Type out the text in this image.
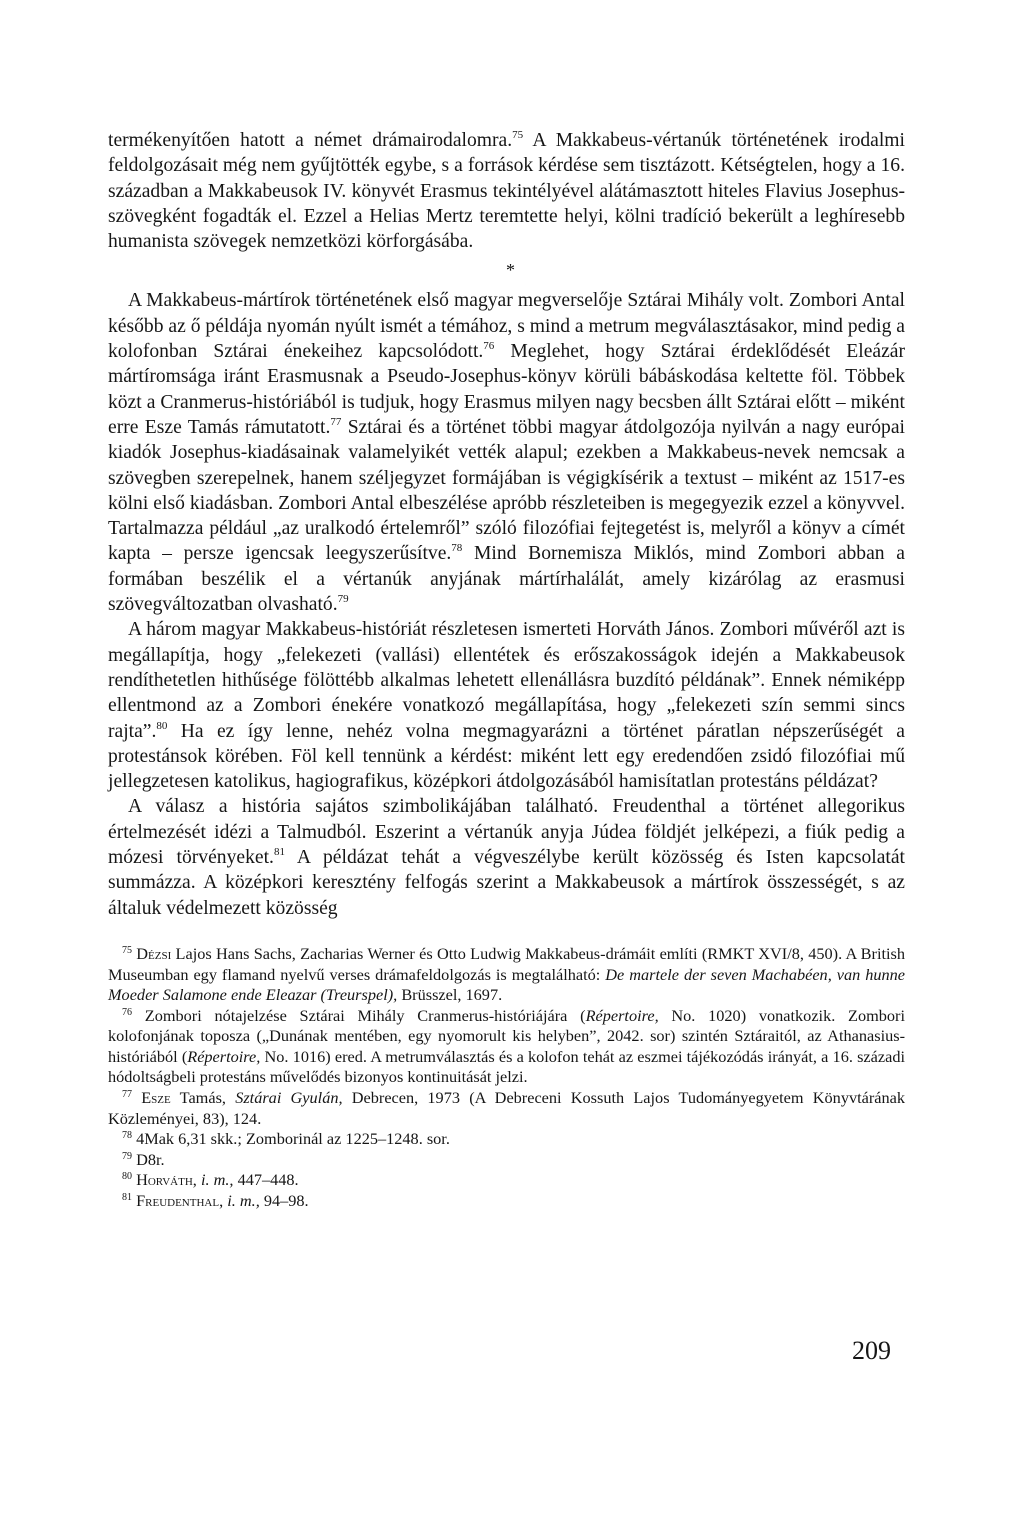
termékenyítően hatott a német drámairodalomra.$^{75}$ A Makkabeus-vértanúk történetének irodalmi feldolgozásait még nem gyűjtötték egybe, s a források kérdése sem tisztázott. Kétségtelen, hogy a 16. században a Makkabeusok IV. könyvét Erasmus tekintélyével alátámasztott hiteles Flavius Josephus-szövegként fogadták el. Ezzel a Helias Mertz teremtette helyi, kölni tradíció bekerült a leghíresebb humanista szövegek nemzetközi körforgásába.

*

A Makkabeus-mártírok történetének első magyar megverselője Sztárai Mihály volt. Zombori Antal később az ő példája nyomán nyúlt ismét a témához, s mind a metrum megválasztásakor, mind pedig a kolofonban Sztárai énekeihez kapcsolódott.$^{76}$ Meglehet, hogy Sztárai érdeklődését Eleázár mártíromsága iránt Erasmusnak a Pseudo-Josephus-könyv körüli bábáskodása keltette föl. Többek közt a Cranmerus-históriából is tudjuk, hogy Erasmus milyen nagy becsben állt Sztárai előtt – miként erre Esze Tamás rámutatott.$^{77}$ Sztárai és a történet többi magyar átdolgozója nyilván a nagy európai kiadók Josephus-kiadásainak valamelyikét vették alapul; ezekben a Makkabeus-nevek nemcsak a szövegben szerepelnek, hanem széljegyzet formájában is végigkísérik a textust – miként az 1517-es kölni első kiadásban. Zombori Antal elbeszélése apróbb részleteiben is megegyezik ezzel a könyvvel. Tartalmazza például „az uralkodó értelemről” szóló filozófiai fejtegetést is, melyről a könyv a címét kapta – persze igencsak leegyszerűsítve.$^{78}$ Mind Bornemisza Miklós, mind Zombori abban a formában beszélik el a vértanúk anyjának mártírhalálát, amely kizárólag az erasmusi szövegváltozatban olvasható.$^{79}$

A három magyar Makkabeus-históriát részletesen ismerteti Horváth János. Zombori művéről azt is megállapítja, hogy „felekezeti (vallási) ellentétek és erőszakosságok idején a Makkabeusok rendíthetetlen hithűsége fölöttébb alkalmas lehetett ellenállásra buzdító példának”. Ennek némiképp ellentmond az a Zombori énekére vonatkozó megállapítása, hogy „felekezeti szín semmi sincs rajta”.$^{80}$ Ha ez így lenne, nehéz volna megmagyarázni a történet páratlan népszerűségét a protestánsok körében. Föl kell tennünk a kérdést: miként lett egy eredendően zsidó filozófiai mű jellegzetesen katolikus, hagiografikus, középkori átdolgozásából hamisítatlan protestáns példázat?

A válasz a história sajátos szimbolikájában található. Freudenthal a történet allegorikus értelmezését idézi a Talmudból. Eszerint a vértanúk anyja Júdea földjét jelképezi, a fiúk pedig a mózesi törvényeket.$^{81}$ A példázat tehát a végveszélybe került közösség és Isten kapcsolatát summázza. A középkori keresztény felfogás szerint a Makkabeusok a mártírok összességét, s az általuk védelmezett közösség

$^{75}$ Dézsi Lajos Hans Sachs, Zacharias Werner és Otto Ludwig Makkabeus-drámáit említi (RMKT XVI/8, 450). A British Museumban egy flamand nyelvű verses drámafeldolgozás is megtalálható: De martele der seven Machabéen, van hunne Moeder Salamone ende Eleazar (Treurspel), Brüsszel, 1697.

$^{76}$ Zombori nótajelzése Sztárai Mihály Cranmerus-históriájára (Répertoire, No. 1020) vonatkozik. Zombori kolofonjának toposza („Dunának mentében, egy nyomorult kis helyben”, 2042. sor) szintén Sztáraitól, az Athanasius-históriából (Répertoire, No. 1016) ered. A metrumválasztás és a kolofon tehát az eszmei tájékozódás irányát, a 16. századi hódoltságbeli protestáns művelődés bizonyos kontinuitását jelzi.

$^{77}$ Esze Tamás, Sztárai Gyulán, Debrecen, 1973 (A Debreceni Kossuth Lajos Tudományegyetem Könyvtárának Közleményei, 83), 124.

$^{78}$ 4Mak 6,31 skk.; Zomborinál az 1225–1248. sor.

$^{79}$ D8r.

$^{80}$ Horváth, i. m., 447–448.

$^{81}$ Freudenthal, i. m., 94–98.

209
